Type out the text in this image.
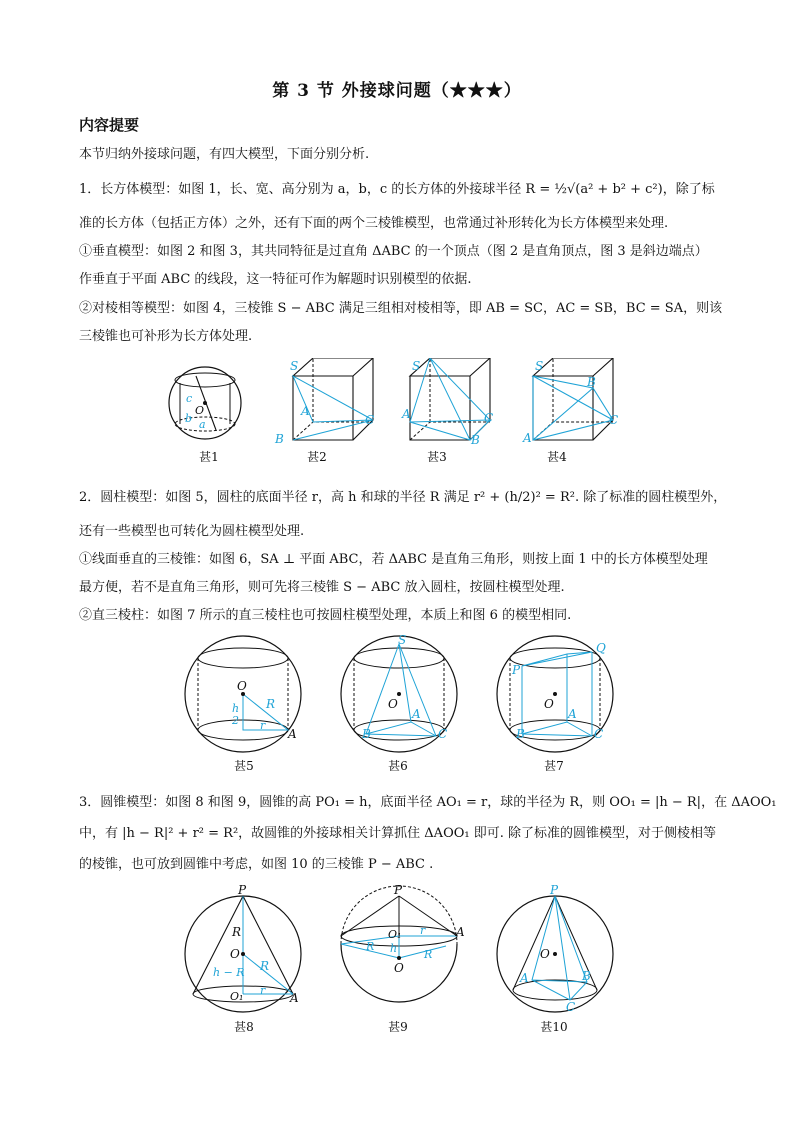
第 3 节 外接球问题（★★★）
内容提要
本节归纳外接球问题，有四大模型，下面分别分析.
1．长方体模型：如图 1，长、宽、高分别为 a，b，c 的长方体的外接球半径 R = ½√(a² + b² + c²)，除了标
准的长方体（包括正方体）之外，还有下面的两个三棱锥模型，也常通过补形转化为长方体模型来处理.
①垂直模型：如图 2 和图 3，其共同特征是过直角 ΔABC 的一个顶点（图 2 是直角顶点，图 3 是斜边端点）
作垂直于平面 ABC 的线段，这一特征可作为解题时识别模型的依据.
②对棱相等模型：如图 4，三棱锥 S − ABC 满足三组相对棱相等，即 AB = SC，AC = SB，BC = SA，则该
三棱锥也可补形为长方体处理.
c
O
b a
S
A
B
C
S
A
B
C
S
B
A
C
甚1	甚2	甚3	甚4
2．圆柱模型：如图 5，圆柱的底面半径 r，高 h 和球的半径 R 满足 r² + (h/2)² = R². 除了标准的圆柱模型外，
还有一些模型也可转化为圆柱模型处理.
①线面垂直的三棱锥：如图 6，SA ⊥ 平面 ABC，若 ΔABC 是直角三角形，则按上面 1 中的长方体模型处理
最方便，若不是直角三角形，则可先将三棱锥 S − ABC 放入圆柱，按圆柱模型处理.
②直三棱柱：如图 7 所示的直三棱柱也可按圆柱模型处理，本质上和图 6 的模型相同.
O
h
2
R
r
A
S
O
A
B	C
Q
P
O
A
B	C
甚5	甚6	甚7
3．圆锥模型：如图 8 和图 9，圆锥的高 PO₁ = h，底面半径 AO₁ = r，球的半径为 R，则 OO₁ = |h − R|，在 ΔAOO₁
中，有 |h − R|² + r² = R²，故圆锥的外接球相关计算抓住 ΔAOO₁ 即可. 除了标准的圆锥模型，对于侧棱相等
的棱锥，也可放到圆锥中考虑，如图 10 的三棱锥 P − ABC .
P
R
O
R
h − R
O₁ r
A
P
O₁ r	A
R h
O
R
P
O
A	B
C
甚8	甚9	甚10
